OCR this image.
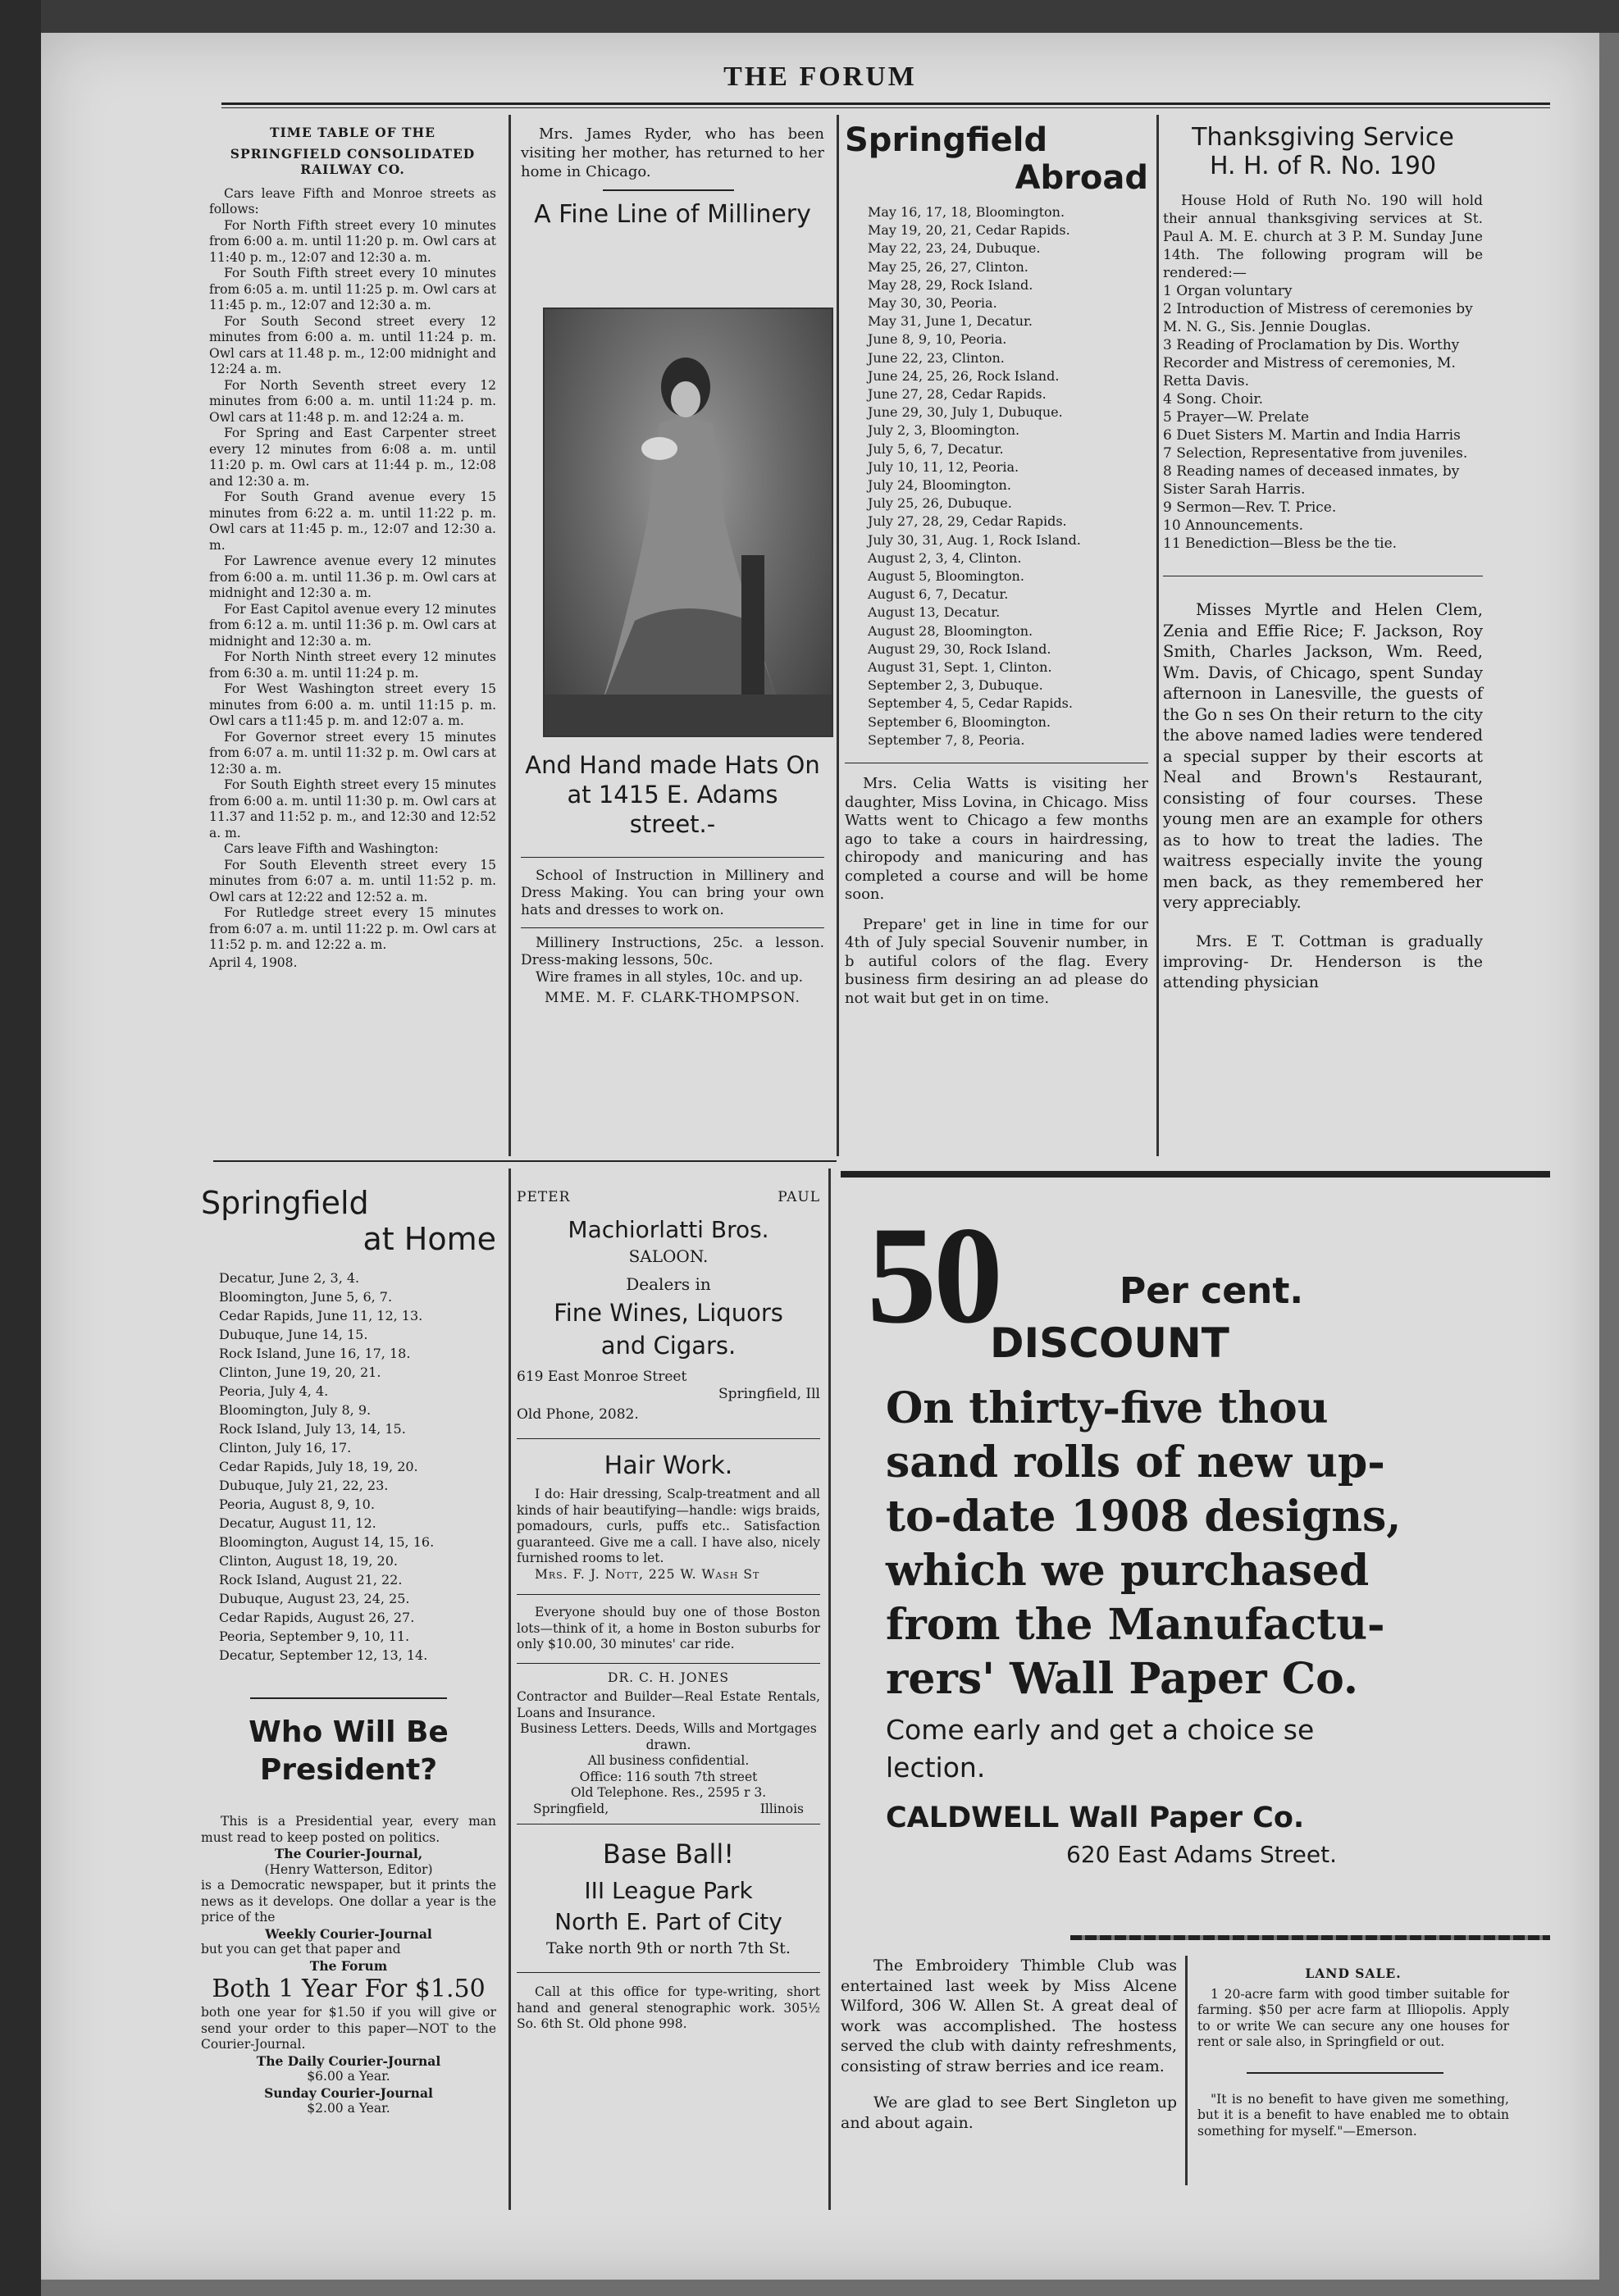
THE FORUM
TIME TABLE OF THE
SPRINGFIELD CONSOLIDATED
RAILWAY CO.
Cars leave Fifth and Monroe streets as follows:
For North Fifth street every 10 minutes from 6:00 a. m. until 11:20 p. m. Owl cars at 11:40 p. m., 12:07 and 12:30 a. m.
For South Fifth street every 10 minutes from 6:05 a. m. until 11:25 p. m. Owl cars at 11:45 p. m., 12:07 and 12:30 a. m.
For South Second street every 12 minutes from 6:00 a. m. until 11:24 p. m. Owl cars at 11.48 p. m., 12:00 midnight and 12:24 a. m.
For North Seventh street every 12 minutes from 6:00 a. m. until 11:24 p. m. Owl cars at 11:48 p. m. and 12:24 a. m.
For Spring and East Carpenter street every 12 minutes from 6:08 a. m. until 11:20 p. m. Owl cars at 11:44 p. m., 12:08 and 12:30 a. m.
For South Grand avenue every 15 minutes from 6:22 a. m. until 11:22 p. m. Owl cars at 11:45 p. m., 12:07 and 12:30 a. m.
For Lawrence avenue every 12 minutes from 6:00 a. m. until 11.36 p. m. Owl cars at midnight and 12:30 a. m.
For East Capitol avenue every 12 minutes from 6:12 a. m. until 11:36 p. m. Owl cars at midnight and 12:30 a. m.
For North Ninth street every 12 minutes from 6:30 a. m. until 11:24 p. m.
For West Washington street every 15 minutes from 6:00 a. m. until 11:15 p. m. Owl cars a t11:45 p. m. and 12:07 a. m.
For Governor street every 15 minutes from 6:07 a. m. until 11:32 p. m. Owl cars at 12:30 a. m.
For South Eighth street every 15 minutes from 6:00 a. m. until 11:30 p. m. Owl cars at 11.37 and 11:52 p. m., and 12:30 and 12:52 a. m.
Cars leave Fifth and Washington:
For South Eleventh street every 15 minutes from 6:07 a. m. until 11:52 p. m. Owl cars at 12:22 and 12:52 a. m.
For Rutledge street every 15 minutes from 6:07 a. m. until 11:22 p. m. Owl cars at 11:52 p. m. and 12:22 a. m.
April 4, 1908.

Mrs. James Ryder, who has been visiting her mother, has returned to her home in Chicago.

A Fine Line of Millinery
And Hand made Hats On at 1415 E. Adams street.-

School of Instruction in Millinery and Dress Making. You can bring your own hats and dresses to work on.

Millinery Instructions, 25c. a lesson. Dress-making lessons, 50c.

Wire frames in all styles, 10c. and up.

MME. M. F. CLARK-THOMPSON.
Springfield
Abroad
May 16, 17, 18, Bloomington.
May 19, 20, 21, Cedar Rapids.
May 22, 23, 24, Dubuque.
May 25, 26, 27, Clinton.
May 28, 29, Rock Island.
May 30, 30, Peoria.
May 31, June 1, Decatur.
June 8, 9, 10, Peoria.
June 22, 23, Clinton.
June 24, 25, 26, Rock Island.
June 27, 28, Cedar Rapids.
June 29, 30, July 1, Dubuque.
July 2, 3, Bloomington.
July 5, 6, 7, Decatur.
July 10, 11, 12, Peoria.
July 24, Bloomington.
July 25, 26, Dubuque.
July 27, 28, 29, Cedar Rapids.
July 30, 31, Aug. 1, Rock Island.
August 2, 3, 4, Clinton.
August 5, Bloomington.
August 6, 7, Decatur.
August 13, Decatur.
August 28, Bloomington.
August 29, 30, Rock Island.
August 31, Sept. 1, Clinton.
September 2, 3, Dubuque.
September 4, 5, Cedar Rapids.
September 6, Bloomington.
September 7, 8, Peoria.

Mrs. Celia Watts is visiting her daughter, Miss Lovina, in Chicago. Miss Watts went to Chicago a few months ago to take a cours in hairdressing, chiropody and manicuring and has completed a course and will be home soon.

Prepare' get in line in time for our 4th of July special Souvenir number, in b autiful colors of the flag. Every business firm desiring an ad please do not wait but get in on time.

Thanksgiving Service
H. H. of R. No. 190

House Hold of Ruth No. 190 will hold their annual thanksgiving services at St. Paul A. M. E. church at 3 P. M. Sunday June 14th. The following program will be rendered:—

1 Organ voluntary
2 Introduction of Mistress of ceremonies by M. N. G., Sis. Jennie Douglas.
3 Reading of Proclamation by Dis. Worthy Recorder and Mistress of ceremonies, M. Retta Davis.
4 Song. Choir.
5 Prayer—W. Prelate
6 Duet Sisters M. Martin and India Harris
7 Selection, Representative from juveniles.
8 Reading names of deceased inmates, by Sister Sarah Harris.
9 Sermon—Rev. T. Price.
10 Announcements.
11 Benediction—Bless be the tie.

Misses Myrtle and Helen Clem, Zenia and Effie Rice; F. Jackson, Roy Smith, Charles Jackson, Wm. Reed, Wm. Davis, of Chicago, spent Sunday afternoon in Lanesville, the guests of the Go n ses On their return to the city the above named ladies were tendered a special supper by their escorts at Neal and Brown's Restaurant, consisting of four courses. These young men are an example for others as to how to treat the ladies. The waitress especially invite the young men back, as they remembered her very appreciably.

Mrs. E T. Cottman is gradually improving- Dr. Henderson is the attending physician

Springfield
at Home
Decatur, June 2, 3, 4.
Bloomington, June 5, 6, 7.
Cedar Rapids, June 11, 12, 13.
Dubuque, June 14, 15.
Rock Island, June 16, 17, 18.
Clinton, June 19, 20, 21.
Peoria, July 4, 4.
Bloomington, July 8, 9.
Rock Island, July 13, 14, 15.
Clinton, July 16, 17.
Cedar Rapids, July 18, 19, 20.
Dubuque, July 21, 22, 23.
Peoria, August 8, 9, 10.
Decatur, August 11, 12.
Bloomington, August 14, 15, 16.
Clinton, August 18, 19, 20.
Rock Island, August 21, 22.
Dubuque, August 23, 24, 25.
Cedar Rapids, August 26, 27.
Peoria, September 9, 10, 11.
Decatur, September 12, 13, 14.
Who Will Be
President?

This is a Presidential year, every man must read to keep posted on politics.

The Courier-Journal,
(Henry Watterson, Editor)

is a Democratic newspaper, but it prints the news as it develops. One dollar a year is the price of the

Weekly Courier-Journal
but you can get that paper and
The Forum
Both 1 Year For $1.50

both one year for $1.50 if you will give or send your order to this paper—NOT to the Courier-Journal.

The Daily Courier-Journal
$6.00 a Year.
Sunday Courier-Journal
$2.00 a Year.
PETER	PAUL
Machiorlatti Bros.
SALOON.
Dealers in
Fine Wines, Liquors
and Cigars.
619 East Monroe Street
Springfield, Ill
Old Phone, 2082.
Hair Work.

I do: Hair dressing, Scalp-treatment and all kinds of hair beautifying—handle: wigs braids, pomadours, curls, puffs etc.. Satisfaction guaranteed. Give me a call. I have also, nicely furnished rooms to let.

Mrs. F. J. Nott, 225 W. Wash St

Everyone should buy one of those Boston lots—think of it, a home in Boston suburbs for only $10.00, 30 minutes' car ride.

DR. C. H. JONES

Contractor and Builder—Real Estate Rentals, Loans and Insurance.

Business Letters. Deeds, Wills and Mortgages drawn.

All business confidential.
Office: 116 south 7th street
Old Telephone. Res., 2595 r 3.
Springfield,	Illinois
Base Ball!
III League Park
North E. Part of City
Take north 9th or north 7th St.

Call at this office for type-writing, short hand and general stenographic work. 305½ So. 6th St. Old phone 998.

50	Per cent.
DISCOUNT
On thirty-five thou
sand rolls of new up-
to-date 1908 designs,
which we purchased
from the Manufactu-
rers' Wall Paper Co.
Come early and get a choice se
lection.
CALDWELL Wall Paper Co.
620 East Adams Street.

The Embroidery Thimble Club was entertained last week by Miss Alcene Wilford, 306 W. Allen St. A great deal of work was accomplished. The hostess served the club with dainty refreshments, consisting of straw berries and ice ream.

We are glad to see Bert Singleton up and about again.

LAND SALE.

1 20-acre farm with good timber suitable for farming. $50 per acre farm at Illiopolis. Apply to or write We can secure any one houses for rent or sale also, in Springfield or out.

"It is no benefit to have given me something, but it is a benefit to have enabled me to obtain something for myself."—Emerson.
